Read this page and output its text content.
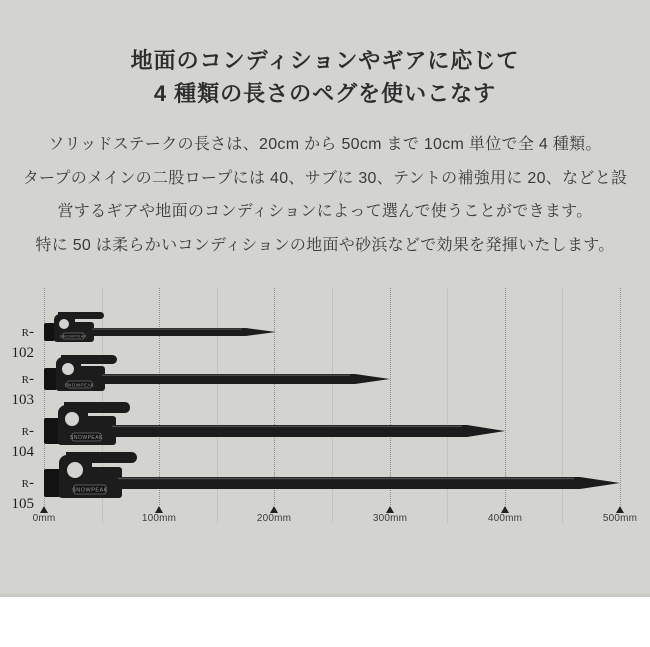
地面のコンディションやギアに応じて
4 種類の長さのペグを使いこなす
ソリッドステークの長さは、20cm から 50cm まで 10cm 単位で全 4 種類。
タープのメインの二股ロープには 40、サブに 30、テントの補強用に 20、などと設
営するギアや地面のコンディションによって選んで使うことができます。
特に 50 は柔らかいコンディションの地面や砂浜などで効果を発揮いたします。
R-102
SNOWPEAK
R-103
SNOWPEAK
R-104
SNOWPEAK
R-105
SNOWPEAK
0mm	100mm	200mm	300mm	400mm	500mm
